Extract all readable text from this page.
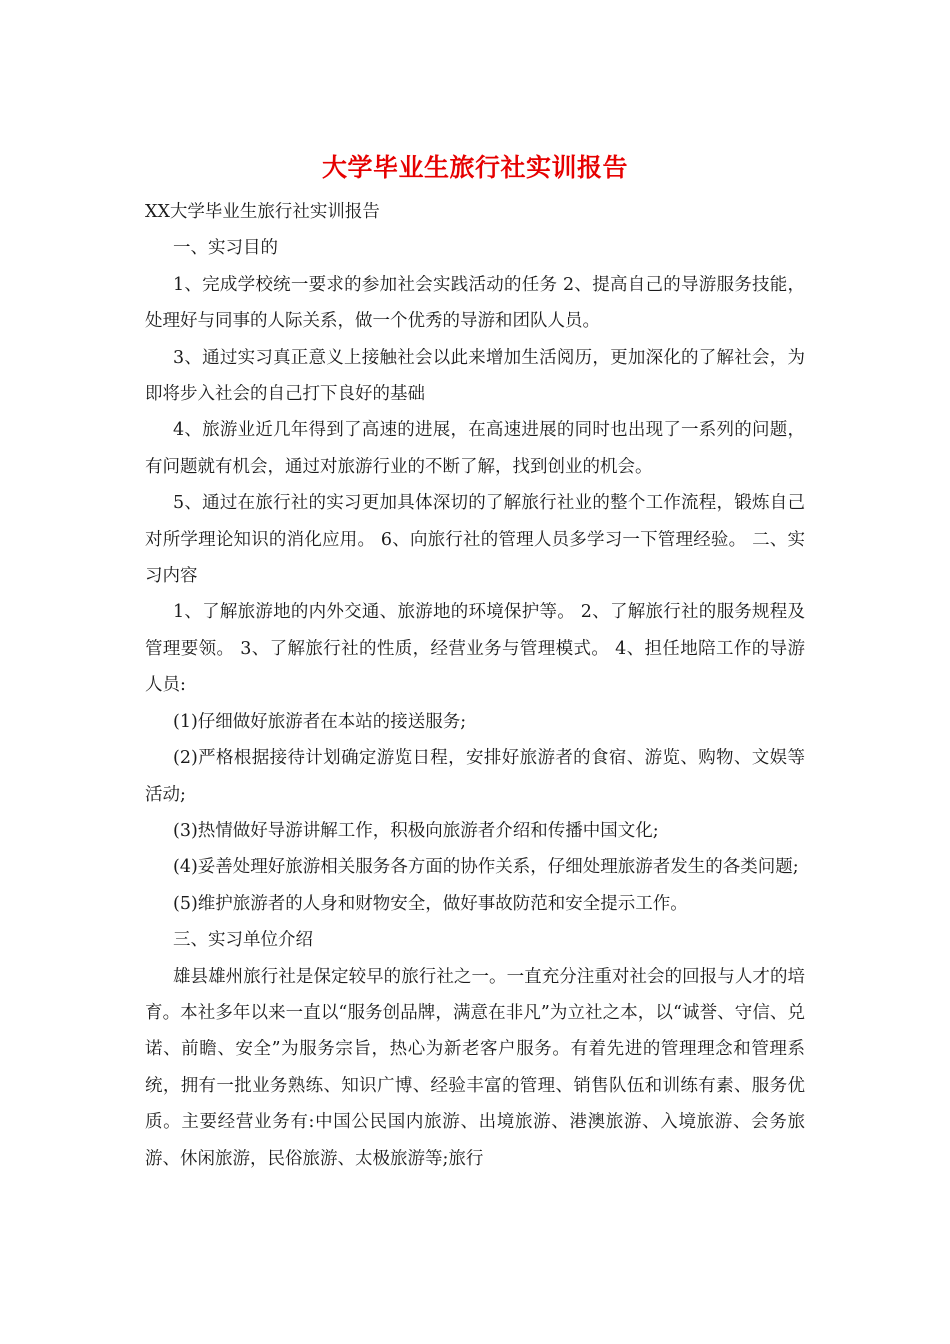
大学毕业生旅行社实训报告

XX大学毕业生旅行社实训报告

一、实习目的

1、完成学校统一要求的参加社会实践活动的任务 2、提高自己的导游服务技能，处理好与同事的人际关系，做一个优秀的导游和团队人员。

3、通过实习真正意义上接触社会以此来增加生活阅历，更加深化的了解社会，为即将步入社会的自己打下良好的基础

4、旅游业近几年得到了高速的进展，在高速进展的同时也出现了一系列的问题，有问题就有机会，通过对旅游行业的不断了解，找到创业的机会。

5、通过在旅行社的实习更加具体深切的了解旅行社业的整个工作流程，锻炼自己对所学理论知识的消化应用。 6、向旅行社的管理人员多学习一下管理经验。 二、实习内容

1、了解旅游地的内外交通、旅游地的环境保护等。 2、了解旅行社的服务规程及管理要领。 3、了解旅行社的性质，经营业务与管理模式。 4、担任地陪工作的导游人员:

(1)仔细做好旅游者在本站的接送服务;

(2)严格根据接待计划确定游览日程，安排好旅游者的食宿、游览、购物、文娱等活动;

(3)热情做好导游讲解工作，积极向旅游者介绍和传播中国文化;

(4)妥善处理好旅游相关服务各方面的协作关系，仔细处理旅游者发生的各类问题;

(5)维护旅游者的人身和财物安全，做好事故防范和安全提示工作。

三、实习单位介绍

雄县雄州旅行社是保定较早的旅行社之一。一直充分注重对社会的回报与人才的培育。本社多年以来一直以“服务创品牌，满意在非凡”为立社之本，以“诚誉、守信、兑诺、前瞻、安全”为服务宗旨，热心为新老客户服务。有着先进的管理理念和管理系统，拥有一批业务熟练、知识广博、经验丰富的管理、销售队伍和训练有素、服务优质。主要经营业务有:中国公民国内旅游、出境旅游、港澳旅游、入境旅游、会务旅游、休闲旅游，民俗旅游、太极旅游等;旅行
